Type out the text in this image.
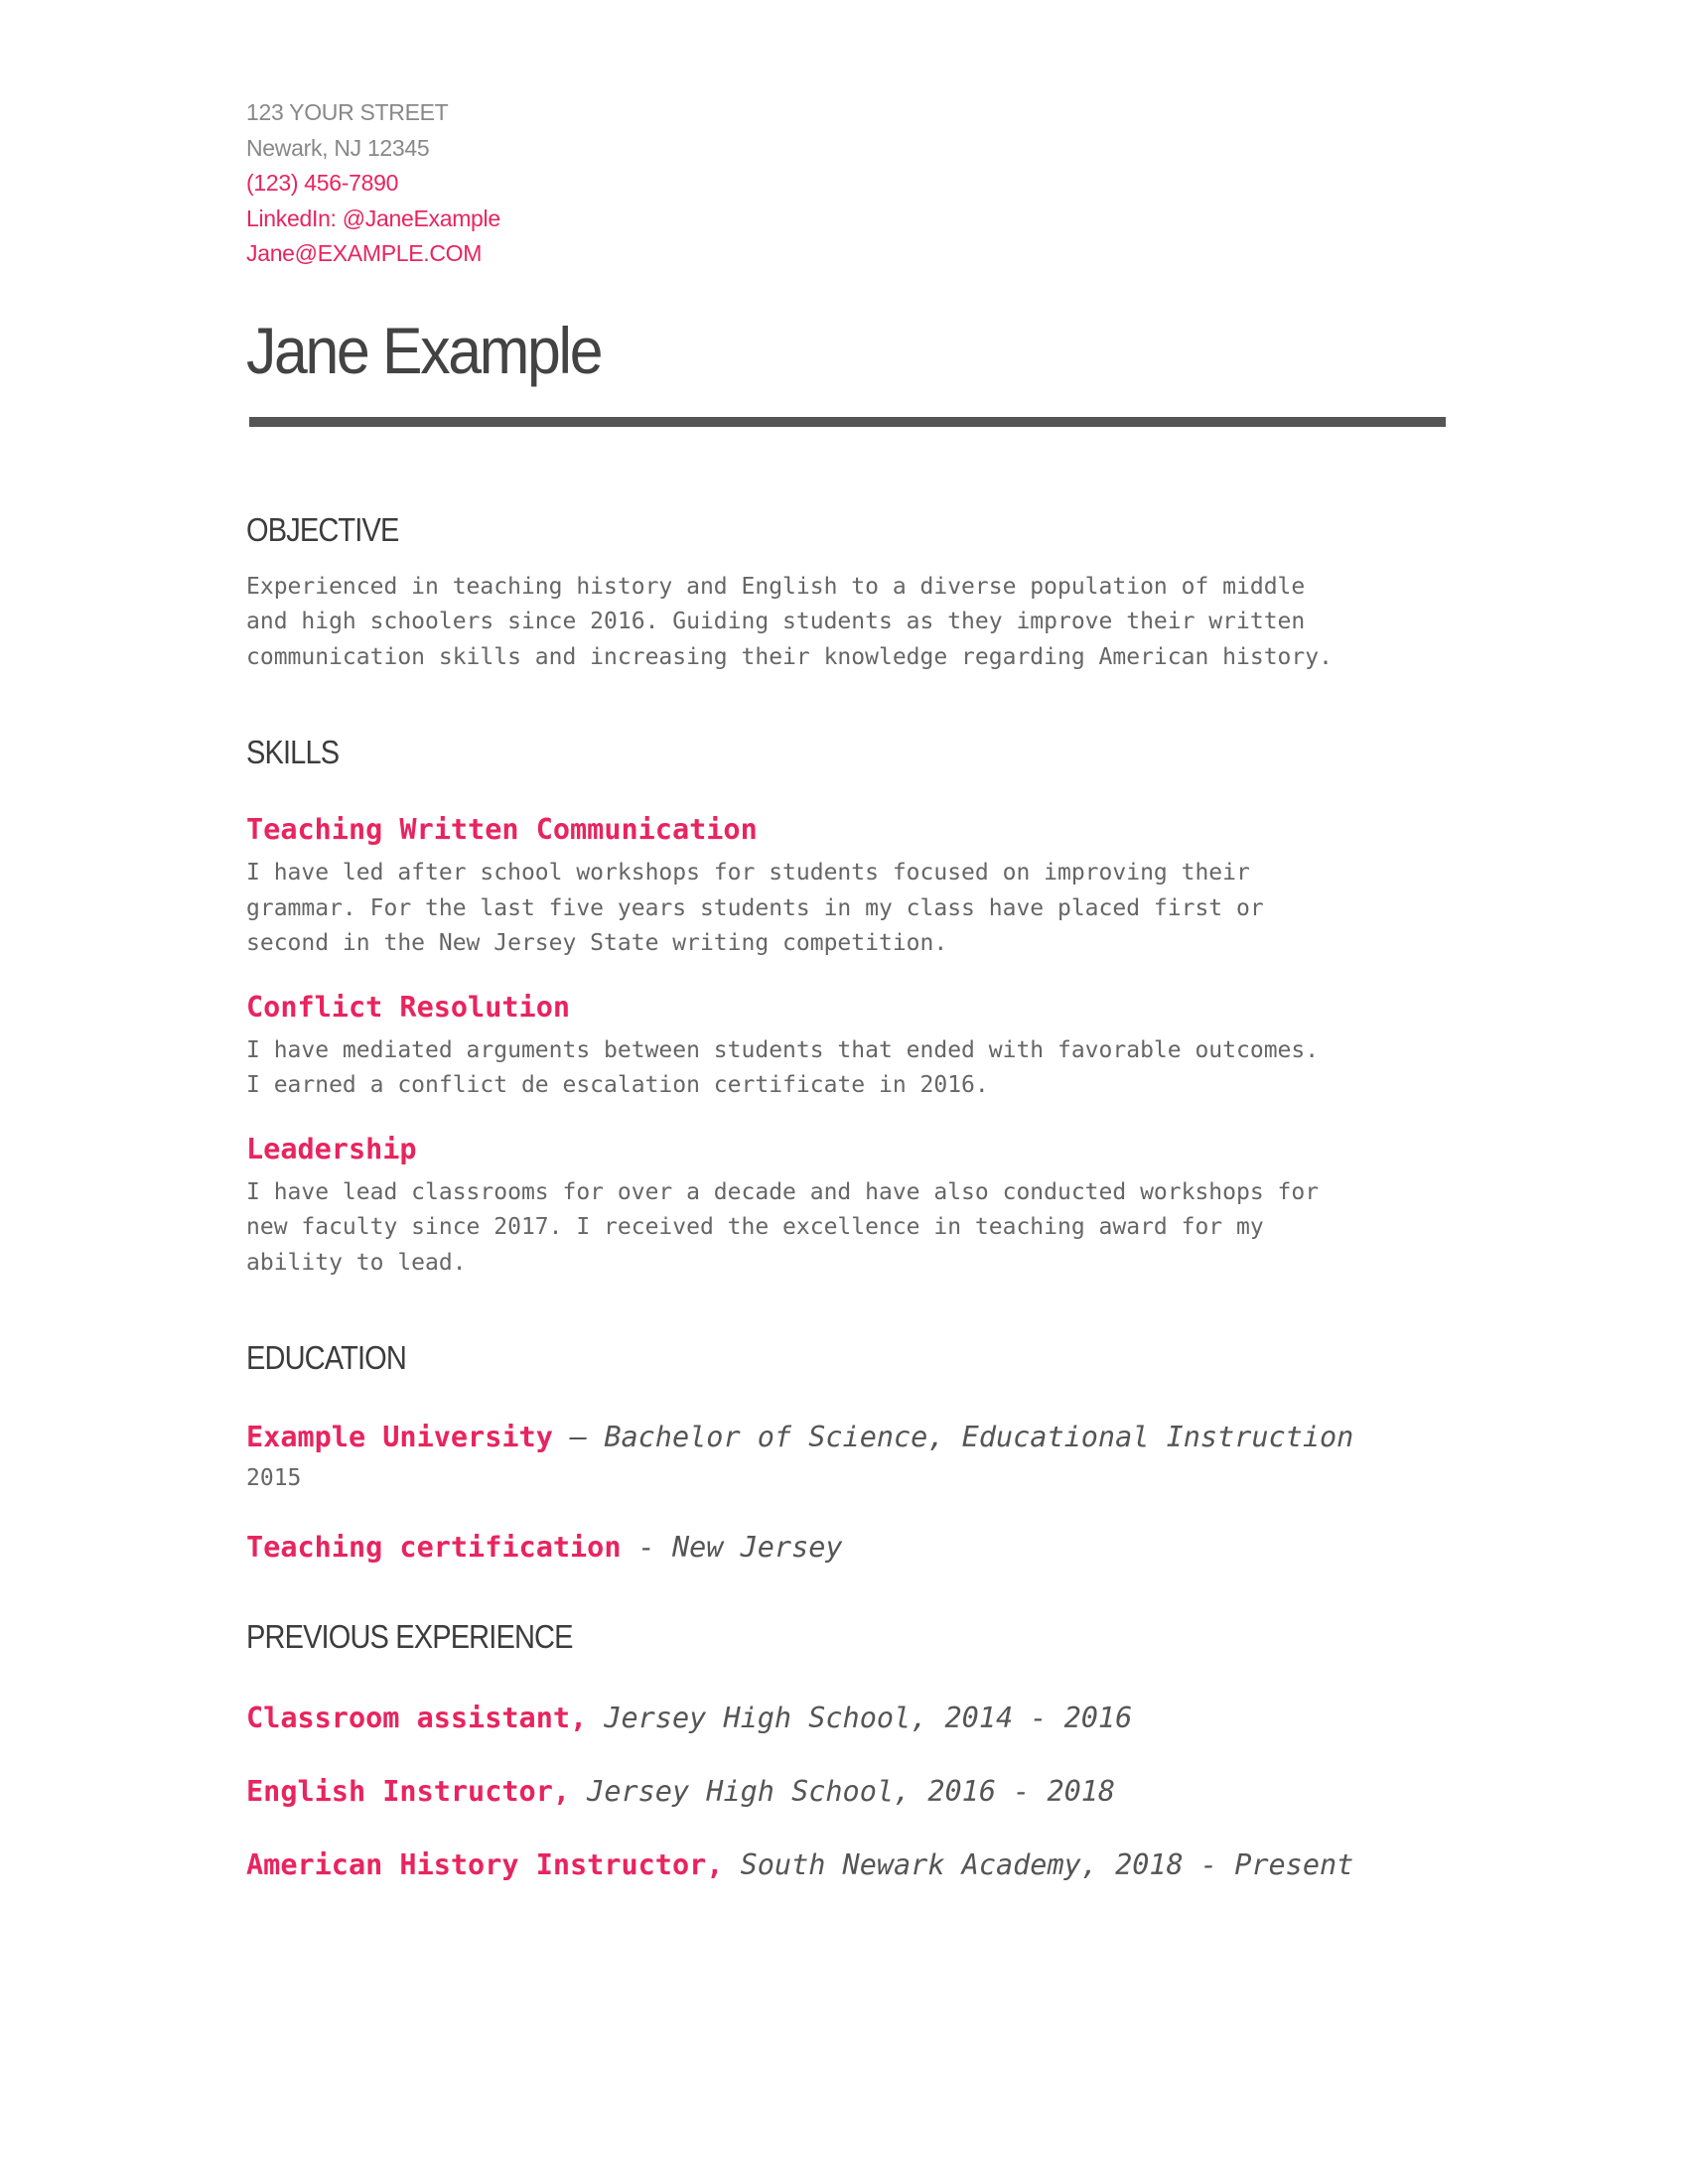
123 YOUR STREET
Newark, NJ 12345
(123) 456-7890
LinkedIn: @JaneExample
Jane@EXAMPLE.COM
Jane Example
OBJECTIVE

Experienced in teaching history and English to a diverse population of middle

and high schoolers since 2016. Guiding students as they improve their written

communication skills and increasing their knowledge regarding American history.

SKILLS
Teaching Written Communication

I have led after school workshops for students focused on improving their

grammar. For the last five years students in my class have placed first or

second in the New Jersey State writing competition.

Conflict Resolution

I have mediated arguments between students that ended with favorable outcomes.

I earned a conflict de escalation certificate in 2016.

Leadership

I have lead classrooms for over a decade and have also conducted workshops for

new faculty since 2017. I received the excellence in teaching award for my

ability to lead.

EDUCATION
Example University — Bachelor of Science, Educational Instruction
2015
Teaching certification - New Jersey
PREVIOUS EXPERIENCE
Classroom assistant, Jersey High School, 2014 - 2016
English Instructor, Jersey High School, 2016 - 2018
American History Instructor, South Newark Academy, 2018 - Present
